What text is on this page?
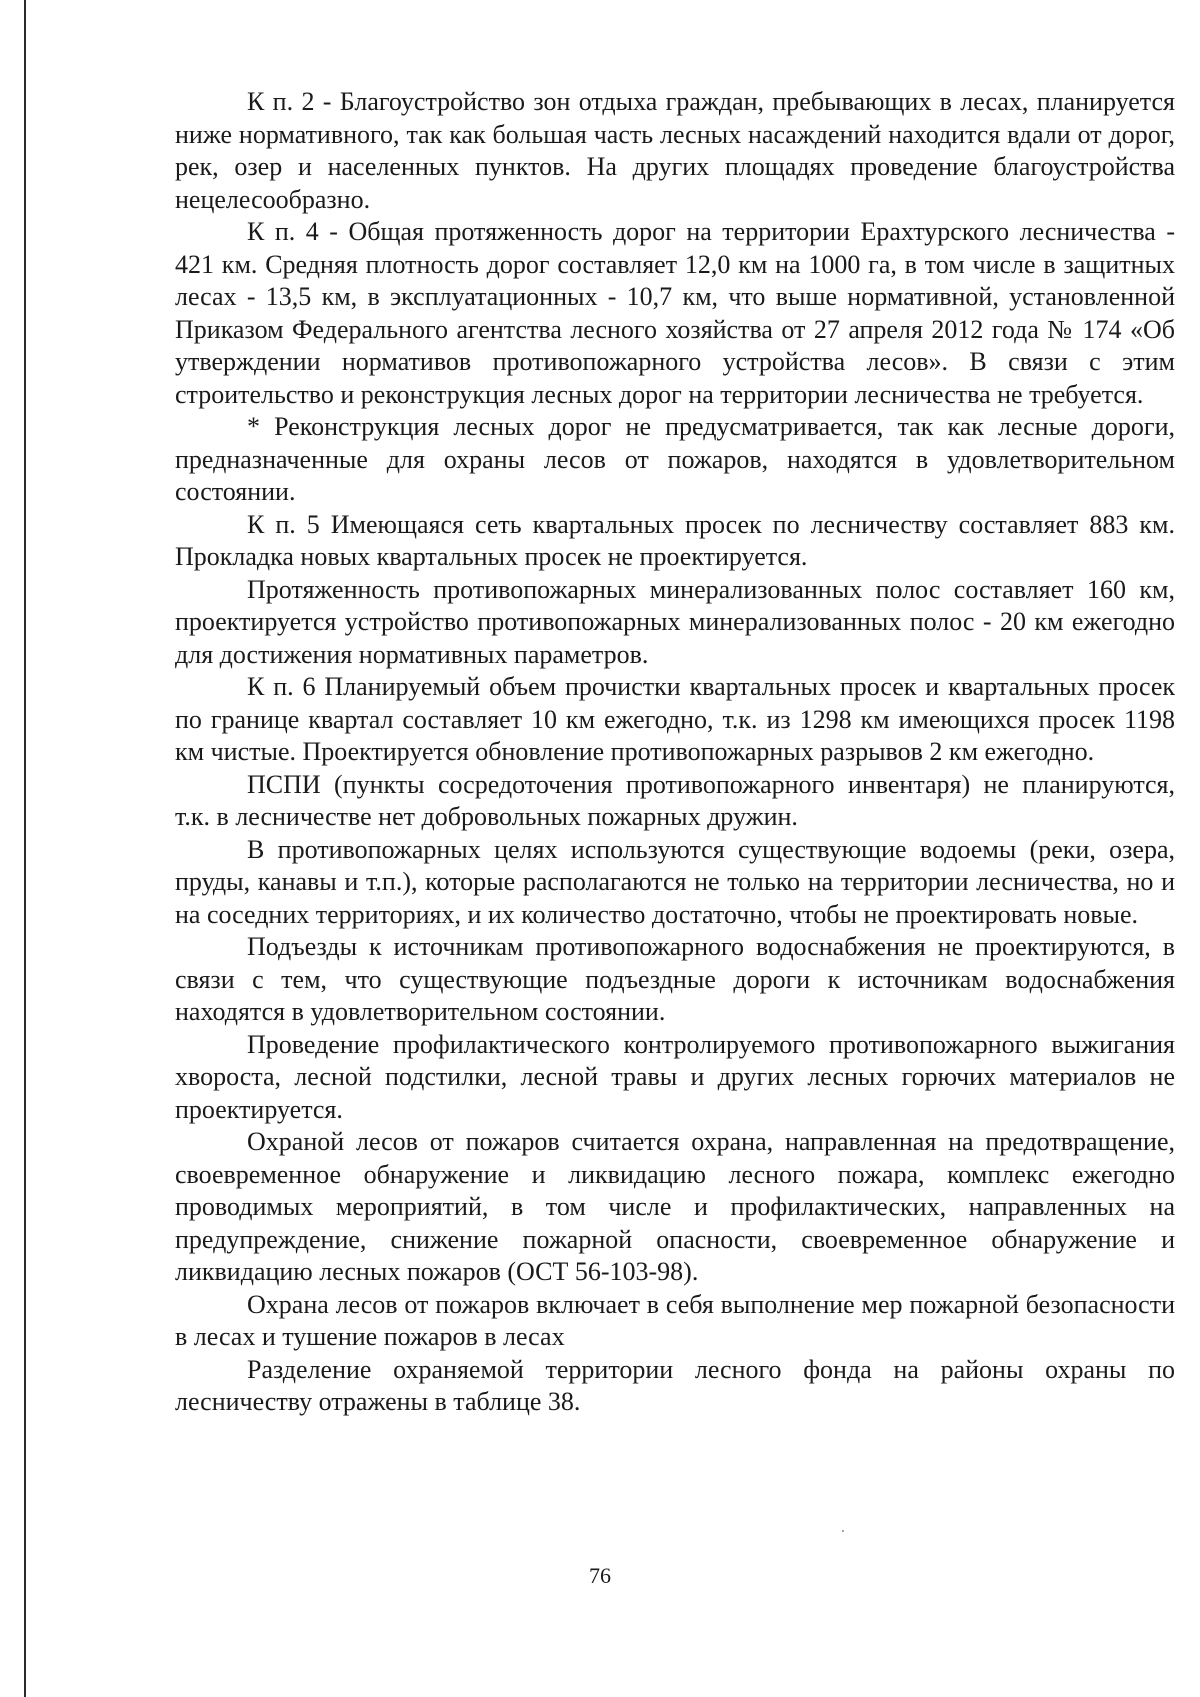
К п. 2 - Благоустройство зон отдыха граждан, пребывающих в лесах, планируется ниже нормативного, так как большая часть лесных насаждений находится вдали от дорог, рек, озер и населенных пунктов. На других площадях проведение благоустройства нецелесообразно.

К п. 4 - Общая протяженность дорог на территории Ерахтурского лесничества - 421 км. Средняя плотность дорог составляет 12,0 км на 1000 га, в том числе в защитных лесах - 13,5 км, в эксплуатационных - 10,7 км, что выше нормативной, установленной Приказом Федерального агентства лесного хозяйства от 27 апреля 2012 года № 174 «Об утверждении нормативов противопожарного устройства лесов». В связи с этим строительство и реконструкция лесных дорог на территории лесничества не требуется.

* Реконструкция лесных дорог не предусматривается, так как лесные дороги, предназначенные для охраны лесов от пожаров, находятся в удовлетворительном состоянии.

К п. 5 Имеющаяся сеть квартальных просек по лесничеству составляет 883 км. Прокладка новых квартальных просек не проектируется.

Протяженность противопожарных минерализованных полос составляет 160 км, проектируется устройство противопожарных минерализованных полос - 20 км ежегодно для достижения нормативных параметров.

К п. 6 Планируемый объем прочистки квартальных просек и квартальных просек по границе квартал составляет 10 км ежегодно, т.к. из 1298 км имеющихся просек 1198 км чистые. Проектируется обновление противопожарных разрывов 2 км ежегодно.

ПСПИ (пункты сосредоточения противопожарного инвентаря) не планируются, т.к. в лесничестве нет добровольных пожарных дружин.

В противопожарных целях используются существующие водоемы (реки, озера, пруды, канавы и т.п.), которые располагаются не только на территории лесничества, но и на соседних территориях, и их количество достаточно, чтобы не проектировать новые.

Подъезды к источникам противопожарного водоснабжения не проектируются, в связи с тем, что существующие подъездные дороги к источникам водоснабжения находятся в удовлетворительном состоянии.

Проведение профилактического контролируемого противопожарного выжигания хвороста, лесной подстилки, лесной травы и других лесных горючих материалов не проектируется.

Охраной лесов от пожаров считается охрана, направленная на предотвращение, своевременное обнаружение и ликвидацию лесного пожара, комплекс ежегодно проводимых мероприятий, в том числе и профилактических, направленных на предупреждение, снижение пожарной опасности, своевременное обнаружение и ликвидацию лесных пожаров (ОСТ 56-103-98).

Охрана лесов от пожаров включает в себя выполнение мер пожарной безопасности в лесах и тушение пожаров в лесах

Разделение охраняемой территории лесного фонда на районы охраны по лесничеству отражены в таблице 38.

76
